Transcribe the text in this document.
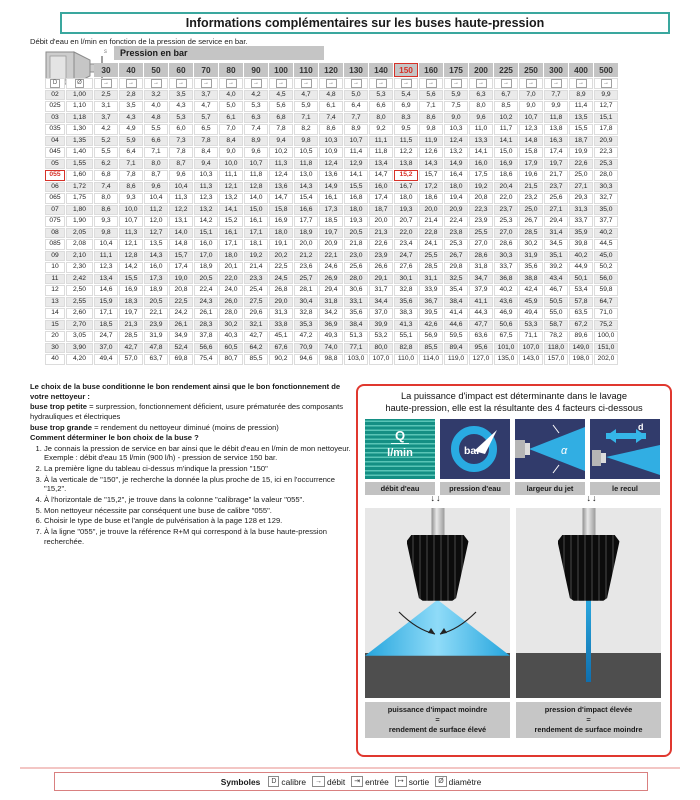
Informations complémentaires sur les buses haute-pression
Débit d'eau en l/min en fonction de la pression de service en bar.
s	Pression en bar
		30	40	50	60	70	80	90	100	110	120	130	140	150	160	175	200	225	250	300	400	500
D	Ø	→	→	→	→	→	→	→	→	→	→	→	→	→	→	→	→	→	→	→	→	→
02	1,00	2,5	2,8	3,2	3,5	3,7	4,0	4,2	4,5	4,7	4,8	5,0	5,3	5,4	5,6	5,9	6,3	6,7	7,0	7,7	8,9	9,9
025	1,10	3,1	3,5	4,0	4,3	4,7	5,0	5,3	5,6	5,9	6,1	6,4	6,6	6,9	7,1	7,5	8,0	8,5	9,0	9,9	11,4	12,7
03	1,18	3,7	4,3	4,8	5,3	5,7	6,1	6,3	6,8	7,1	7,4	7,7	8,0	8,3	8,6	9,0	9,6	10,2	10,7	11,8	13,5	15,1
035	1,30	4,2	4,9	5,5	6,0	6,5	7,0	7,4	7,8	8,2	8,6	8,9	9,2	9,5	9,8	10,3	11,0	11,7	12,3	13,8	15,5	17,8
04	1,35	5,2	5,9	6,6	7,3	7,8	8,4	8,9	9,4	9,8	10,3	10,7	11,1	11,5	11,9	12,4	13,3	14,1	14,8	16,3	18,7	20,9
045	1,40	5,5	6,4	7,1	7,8	8,4	9,0	9,6	10,2	10,5	10,9	11,4	11,8	12,2	12,6	13,2	14,1	15,0	15,8	17,4	19,9	22,3
05	1,55	6,2	7,1	8,0	8,7	9,4	10,0	10,7	11,3	11,8	12,4	12,9	13,4	13,8	14,3	14,9	16,0	16,9	17,9	19,7	22,6	25,3
055	1,60	6,8	7,8	8,7	9,6	10,3	11,1	11,8	12,4	13,0	13,6	14,1	14,7	15,2	15,7	16,4	17,5	18,6	19,6	21,7	25,0	28,0
06	1,72	7,4	8,6	9,6	10,4	11,3	12,1	12,8	13,6	14,3	14,9	15,5	16,0	16,7	17,2	18,0	19,2	20,4	21,5	23,7	27,1	30,3
065	1,75	8,0	9,3	10,4	11,3	12,3	13,2	14,0	14,7	15,4	16,1	16,8	17,4	18,0	18,6	19,4	20,8	22,0	23,2	25,6	29,3	32,7
07	1,80	8,6	10,0	11,2	12,2	13,2	14,1	15,0	15,8	16,6	17,3	18,0	18,7	19,3	20,0	20,9	22,3	23,7	25,0	27,1	31,3	35,0
075	1,90	9,3	10,7	12,0	13,1	14,2	15,2	16,1	16,9	17,7	18,5	19,3	20,0	20,7	21,4	22,4	23,9	25,3	26,7	29,4	33,7	37,7
08	2,05	9,8	11,3	12,7	14,0	15,1	16,1	17,1	18,0	18,9	19,7	20,5	21,3	22,0	22,8	23,8	25,5	27,0	28,5	31,4	35,9	40,2
085	2,08	10,4	12,1	13,5	14,8	16,0	17,1	18,1	19,1	20,0	20,9	21,8	22,6	23,4	24,1	25,3	27,0	28,6	30,2	34,5	39,8	44,5
09	2,10	11,1	12,8	14,3	15,7	17,0	18,0	19,2	20,2	21,2	22,1	23,0	23,9	24,7	25,5	26,7	28,6	30,3	31,9	35,1	40,2	45,0
10	2,30	12,3	14,2	16,0	17,4	18,9	20,1	21,4	22,5	23,6	24,6	25,6	26,6	27,6	28,5	29,8	31,8	33,7	35,6	39,2	44,9	50,2
11	2,42	13,4	15,5	17,3	19,0	20,5	22,0	23,3	24,5	25,7	26,9	28,0	29,1	30,1	31,1	32,5	34,7	36,8	38,8	43,4	50,1	56,0
12	2,50	14,6	16,9	18,9	20,8	22,4	24,0	25,4	26,8	28,1	29,4	30,6	31,7	32,8	33,9	35,4	37,9	40,2	42,4	46,7	53,4	59,8
13	2,55	15,9	18,3	20,5	22,5	24,3	26,0	27,5	29,0	30,4	31,8	33,1	34,4	35,6	36,7	38,4	41,1	43,6	45,9	50,5	57,8	64,7
14	2,60	17,1	19,7	22,1	24,2	26,1	28,0	29,6	31,3	32,8	34,2	35,6	37,0	38,3	39,5	41,4	44,3	46,9	49,4	55,0	63,5	71,0
15	2,70	18,5	21,3	23,9	26,1	28,3	30,2	32,1	33,8	35,3	36,9	38,4	39,9	41,3	42,6	44,6	47,7	50,6	53,3	58,7	67,2	75,2
20	3,05	24,7	28,5	31,9	34,9	37,8	40,3	42,7	45,1	47,2	49,3	51,3	53,2	55,1	56,9	59,5	63,6	67,5	71,1	78,2	89,6	100,0
30	3,90	37,0	42,7	47,8	52,4	56,6	60,5	64,2	67,6	70,9	74,0	77,1	80,0	82,8	85,5	89,4	95,6	101,0	107,0	118,0	149,0	151,0
40	4,20	49,4	57,0	63,7	69,8	75,4	80,7	85,5	90,2	94,6	98,8	103,0	107,0	110,0	114,0	119,0	127,0	135,0	143,0	157,0	198,0	202,0

Le choix de la buse conditionne le bon rendement ainsi que le bon fonctionnement de votre nettoyeur :

buse trop petite = surpression, fonctionnement déficient, usure prématurée des composants hydrauliques et électriques

buse trop grande = rendement du nettoyeur diminué (moins de pression)

Comment déterminer le bon choix de la buse ?

1. Je connais la pression de service en bar ainsi que le débit d'eau en l/min de mon nettoyeur. Exemple : débit d'eau 15 l/min (900 l/h) - pression de service 150 bar.
2. La première ligne du tableau ci-dessus m'indique la pression "150"
3. À la verticale de "150", je recherche la donnée la plus proche de 15, ici en l'occurrence "15,2".
4. À l'horizontale de "15,2", je trouve dans la colonne "calibrage" la valeur "055".
5. Mon nettoyeur nécessite par conséquent une buse de calibre "055".
6. Choisir le type de buse et l'angle de pulvérisation à la page 128 et 129.
7. À la ligne "055", je trouve la référence R+M qui correspond à la buse haute-pression recherchée.
La puissance d'impact est déterminante dans le lavage
haute-pression, elle est la résultante des 4 facteurs ci-dessous
Q
l/min
débit d'eau
bar
pression d'eau
α
largeur du jet
d
le recul
↓↓	↓↓
puissance d'impact moindre
=
rendement de surface élevé
pression d'impact élevée
=
rendement de surface moindre
Symboles	D calibre	→ débit	⇥ entrée	↦ sortie	Ø diamètre
